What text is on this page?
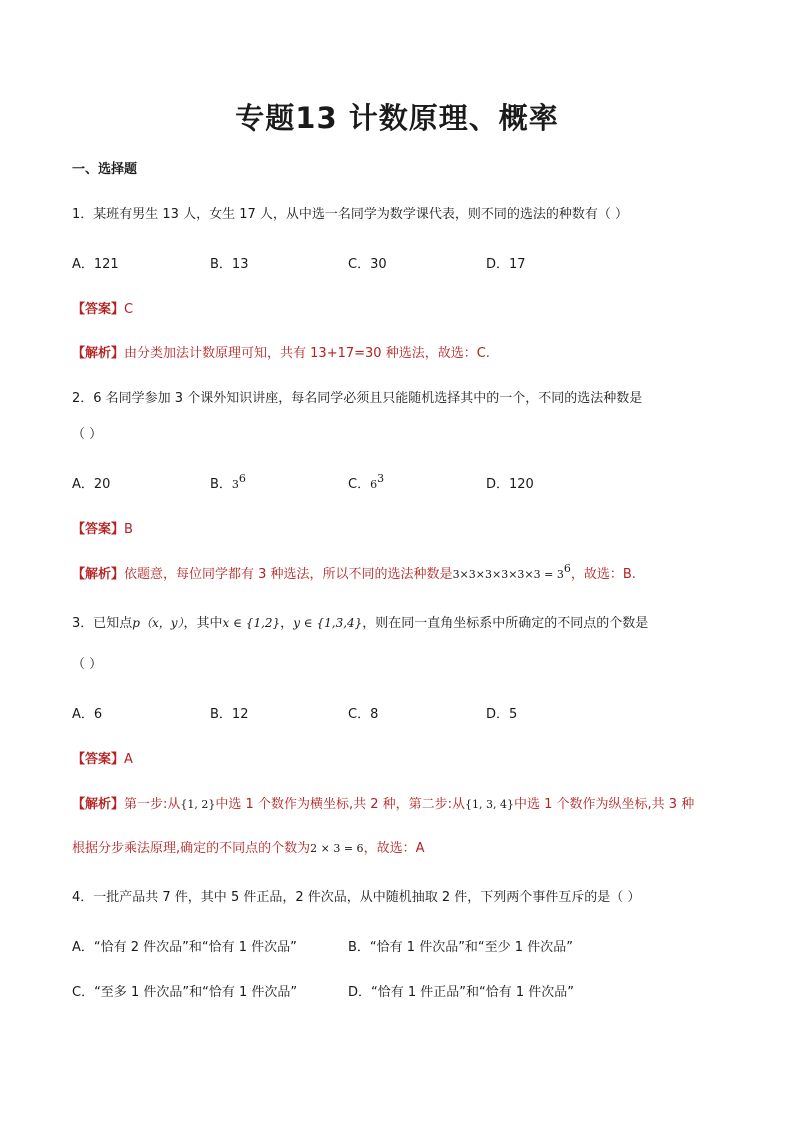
专题13 计数原理、概率
一、选择题
1．某班有男生 13 人，女生 17 人，从中选一名同学为数学课代表，则不同的选法的种数有（ ）
A．121	B．13	C．30	D．17
【答案】C
【解析】由分类加法计数原理可知，共有 13+17=30 种选法，故选：C.
2．6 名同学参加 3 个课外知识讲座，每名同学必须且只能随机选择其中的一个，不同的选法种数是
（ ）
A．20	B．$3^6$	C．$6^3$	D．120
【答案】B
【解析】依题意，每位同学都有 3 种选法，所以不同的选法种数是$3\times 3\times 3\times 3\times 3\times 3 = 3^6$，故选：B.
3．已知点p（x，y），其中x ∈ {1,2}，y ∈ {1,3,4}，则在同一直角坐标系中所确定的不同点的个数是
（ ）
A．6	B．12	C．8	D．5
【答案】A
【解析】第一步:从{1, 2}中选 1 个数作为横坐标,共 2 种，第二步:从{1, 3, 4}中选 1 个数作为纵坐标,共 3 种
根据分步乘法原理,确定的不同点的个数为2 × 3 = 6，故选：A
4．一批产品共 7 件，其中 5 件正品，2 件次品，从中随机抽取 2 件，下列两个事件互斥的是（ ）
A．“恰有 2 件次品”和“恰有 1 件次品”	B．“恰有 1 件次品”和“至少 1 件次品”
C．“至多 1 件次品”和“恰有 1 件次品”	D．“恰有 1 件正品”和“恰有 1 件次品”
